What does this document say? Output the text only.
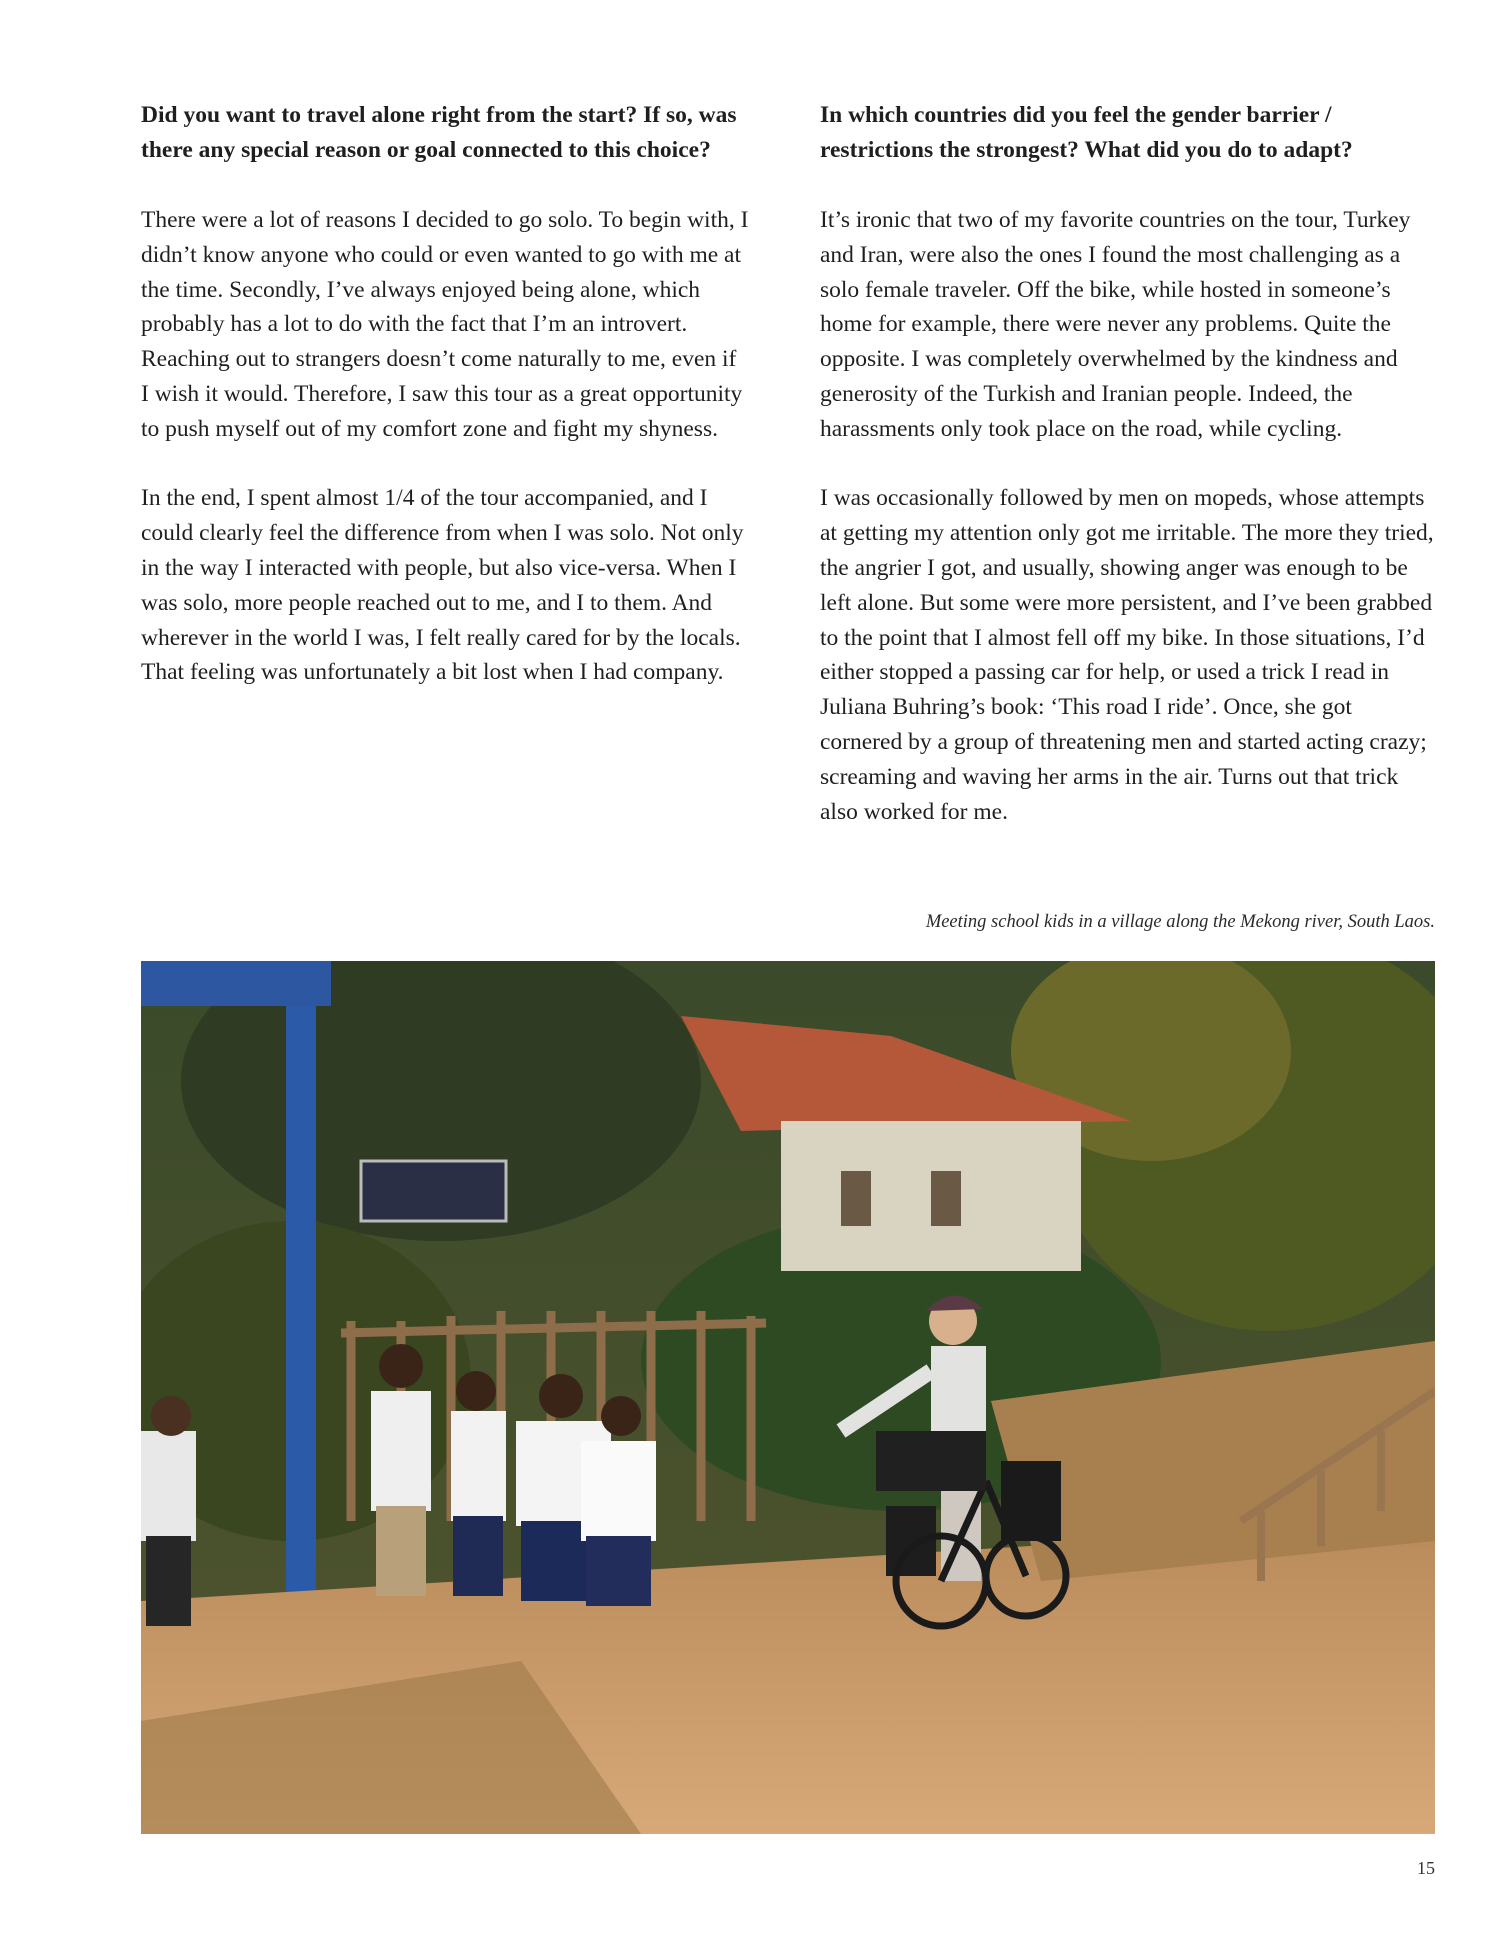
Did you want to travel alone right from the start? If so, was there any special reason or goal connected to this choice?

There were a lot of reasons I decided to go solo. To begin with, I didn’t know anyone who could or even wanted to go with me at the time. Secondly, I’ve always enjoyed being alone, which probably has a lot to do with the fact that I’m an introvert. Reaching out to strangers doesn’t come naturally to me, even if I wish it would. Therefore, I saw this tour as a great opportunity to push myself out of my comfort zone and fight my shyness.

In the end, I spent almost 1/4 of the tour accompanied, and I could clearly feel the difference from when I was solo. Not only in the way I interacted with people, but also vice-versa. When I was solo, more people reached out to me, and I to them. And wherever in the world I was, I felt really cared for by the locals. That feeling was unfortunately a bit lost when I had company.

In which countries did you feel the gender barrier / restrictions the strongest? What did you do to adapt?

It’s ironic that two of my favorite countries on the tour, Turkey and Iran, were also the ones I found the most challenging as a solo female traveler. Off the bike, while hosted in someone’s home for example, there were never any problems. Quite the opposite. I was completely overwhelmed by the kindness and generosity of the Turkish and Iranian people. Indeed, the harassments only took place on the road, while cycling.

I was occasionally followed by men on mopeds, whose attempts at getting my attention only got me irritable. The more they tried, the angrier I got, and usually, showing anger was enough to be left alone. But some were more persistent, and I’ve been grabbed to the point that I almost fell off my bike. In those situations, I’d either stopped a passing car for help, or used a trick I read in Juliana Buhring’s book: ‘This road I ride’. Once, she got cornered by a group of threatening men and started acting crazy; screaming and waving her arms in the air. Turns out that trick also worked for me.

Meeting school kids in a village along the Mekong river, South Laos.

15
